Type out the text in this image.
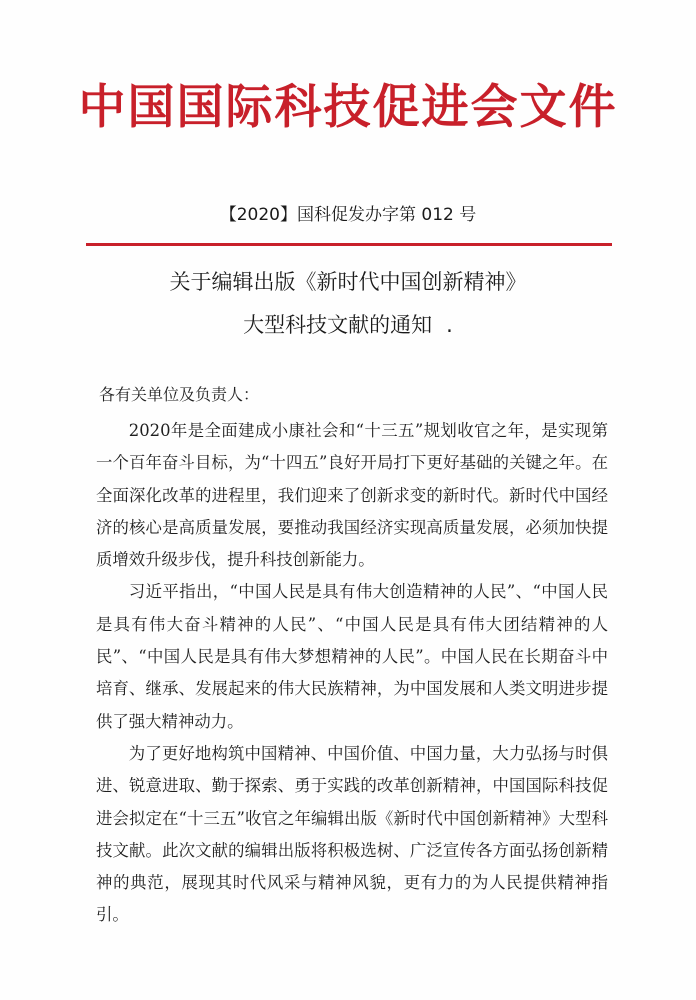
中国国际科技促进会文件
【2020】国科促发办字第 012 号
关于编辑出版《新时代中国创新精神》
大型科技文献的通知 .
各有关单位及负责人：

2020年是全面建成小康社会和“十三五”规划收官之年，是实现第一个百年奋斗目标，为“十四五”良好开局打下更好基础的关键之年。在全面深化改革的进程里，我们迎来了创新求变的新时代。新时代中国经济的核心是高质量发展，要推动我国经济实现高质量发展，必须加快提质增效升级步伐，提升科技创新能力。

习近平指出，“中国人民是具有伟大创造精神的人民”、“中国人民是具有伟大奋斗精神的人民”、“中国人民是具有伟大团结精神的人民”、“中国人民是具有伟大梦想精神的人民”。中国人民在长期奋斗中培育、继承、发展起来的伟大民族精神，为中国发展和人类文明进步提供了强大精神动力。

为了更好地构筑中国精神、中国价值、中国力量，大力弘扬与时俱进、锐意进取、勤于探索、勇于实践的改革创新精神，中国国际科技促进会拟定在“十三五”收官之年编辑出版《新时代中国创新精神》大型科技文献。此次文献的编辑出版将积极选树、广泛宣传各方面弘扬创新精神的典范，展现其时代风采与精神风貌，更有力的为人民提供精神指引。
